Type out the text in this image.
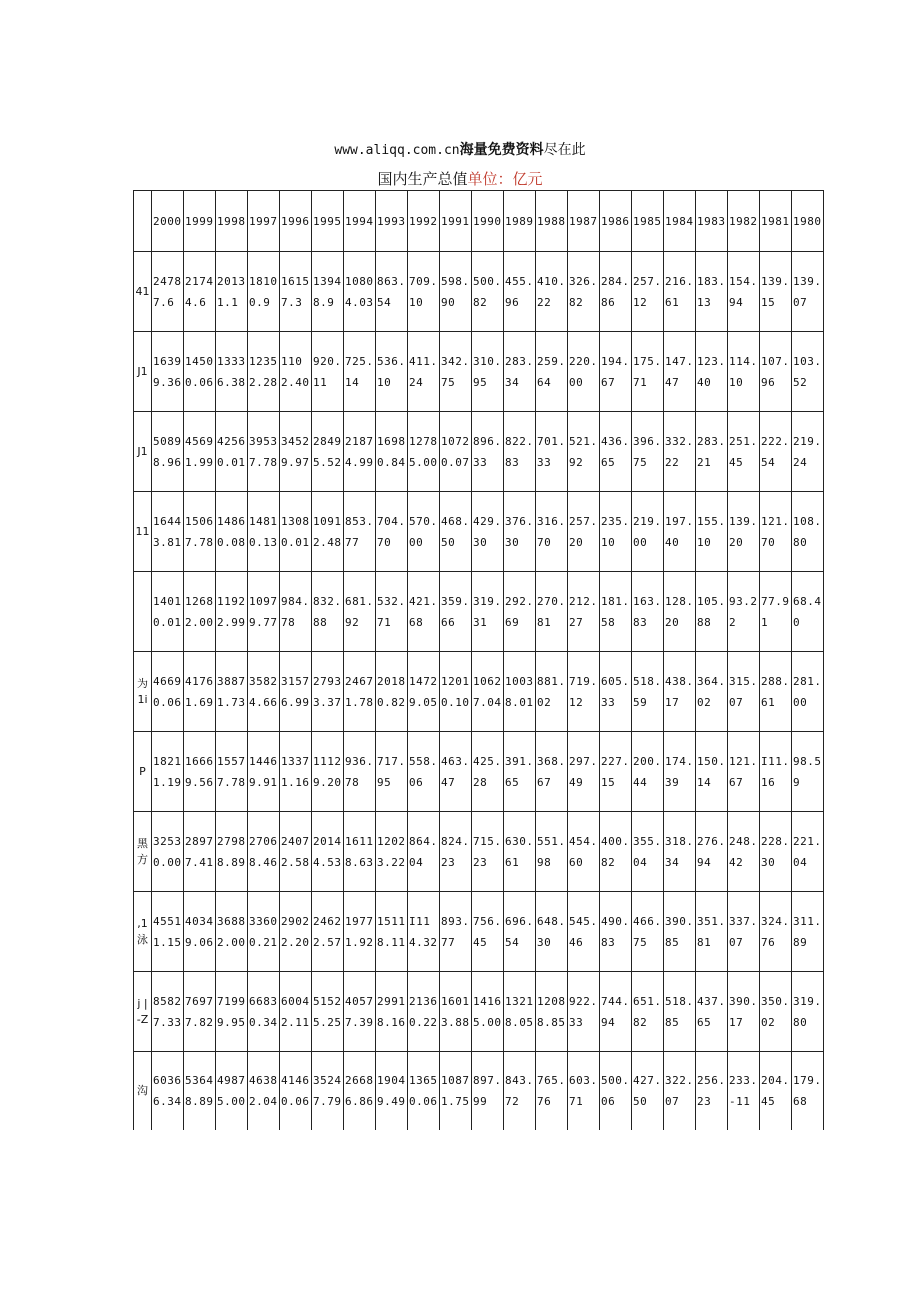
www.aliqq.com.cn海量免费资料尽在此
国内生产总值单位：亿元

	2000	1999	1998	1997	1996	1995	1994	1993	1992	1991	1990	1989	1988	1987	1986	1985	1984	1983	1982	1981	1980

41	24787.6	21744.6	20131.1	18100.9	16157.3	13948.9	10804.03	863.54	709.10	598.90	500.82	455.96	410.22	326.82	284.86	257.12	216.61	183.13	154.94	139.15	139.07

J1	16399.36	14500.06	13336.38	12352.28	1102.40	920.11	725.14	536.10	411.24	342.75	310.95	283.34	259.64	220.00	194.67	175.71	147.47	123.40	114.10	107.96	103.52

J1	50898.96	45691.99	42560.01	39537.78	34529.97	28495.52	21874.99	16980.84	12785.00	10720.07	896.33	822.83	701.33	521.92	436.65	396.75	332.22	283.21	251.45	222.54	219.24

11	16443.81	15067.78	14860.08	14810.13	13080.01	10912.48	853.77	704.70	570.00	468.50	429.30	376.30	316.70	257.20	235.10	219.00	197.40	155.10	139.20	121.70	108.80

	14010.01	12682.00	11922.99	10979.77	984.78	832.88	681.92	532.71	421.68	359.66	319.31	292.69	270.81	212.27	181.58	163.83	128.20	105.88	93.22	77.91	68.40

为 1i	46690.06	41761.69	38871.73	35824.66	31576.99	27933.37	24671.78	20180.82	14729.05	12010.10	10627.04	10038.01	881.02	719.12	605.33	518.59	438.17	364.02	315.07	288.61	281.00

P	18211.19	16669.56	15577.78	14469.91	13371.16	11129.20	936.78	717.95	558.06	463.47	425.28	391.65	368.67	297.49	227.15	200.44	174.39	150.14	121.67	I11.16	98.59

黑方	32530.00	28977.41	27988.89	27068.46	24072.58	20144.53	16118.63	12023.22	864.04	824.23	715.23	630.61	551.98	454.60	400.82	355.04	318.34	276.94	248.42	228.30	221.04

,1 泳	45511.15	40349.06	36882.00	33600.21	29022.20	24622.57	19771.92	15118.11	I114.32	893.77	756.45	696.54	648.30	545.46	490.83	466.75	390.85	351.81	337.07	324.76	311.89

j | -Z	85827.33	76977.82	71999.95	66830.34	60042.11	51525.25	40577.39	29918.16	21360.22	16013.88	14165.00	13218.05	12088.85	922.33	744.94	651.82	518.85	437.65	390.17	350.02	319.80

沟	60366.34	53648.89	49875.00	46382.04	41460.06	35247.79	26686.86	19049.49	13650.06	10871.75	897.99	843.72	765.76	603.71	500.06	427.50	322.07	256.23	233.-11	204.45	179.68
